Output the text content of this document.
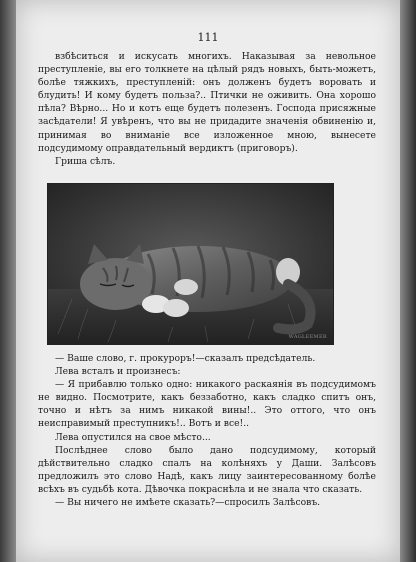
111

взбѣситься и искусать многихъ. Наказывая за невольное преступленіе, вы его толкнете на цѣлый рядъ новыхъ, быть-можетъ, болѣе тяжкихъ, преступленій: онъ долженъ будетъ воровать и блудить! И кому будетъ польза?.. Птички не оживить. Она хорошо пѣла? Вѣрно... Но и котъ еще будетъ полезенъ. Господа присяжные засѣдатели! Я увѣренъ, что вы не придадите значенія обвиненію и, принимая во вниманіе все изложенное мною, вынесете подсудимому оправдательный вердиктъ (приговоръ).

Гриша сѣлъ.

WAGLEEMER

— Ваше слово, г. прокуроръ!—сказалъ предсѣдатель.

Лева всталъ и произнесъ:

— Я прибавлю только одно: никакого раскаянія въ подсудимомъ не видно. Посмотрите, какъ беззаботно, какъ сладко спитъ онъ, точно и нѣтъ за нимъ никакой вины!.. Это оттого, что онъ неисправимый преступникъ!.. Вотъ и все!..

Лева опустился на свое мѣсто...

Послѣднее слово было дано подсудимому, который дѣйствительно сладко спалъ на колѣняхъ у Даши. Залѣсовъ предложилъ это слово Надѣ, какъ лицу заинтересованному болѣе всѣхъ въ судьбѣ кота. Дѣвочка покраснѣла и не знала что сказать.

— Вы ничего не имѣете сказать?—спросилъ Залѣсовъ.
